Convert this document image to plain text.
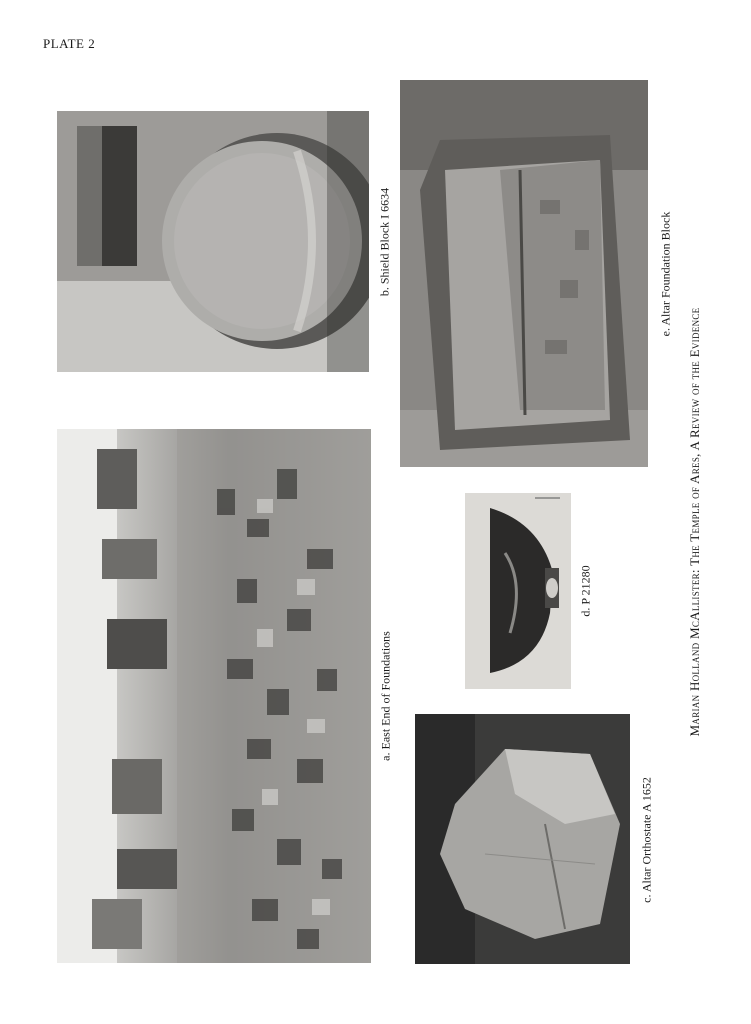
PLATE 2
a. East End of Foundations
b. Shield Block I 6634
c. Altar Orthostate A 1652
d. P 21280
e. Altar Foundation Block
Marian Holland McAllister: The Temple of Ares, A Review of the Evidence
